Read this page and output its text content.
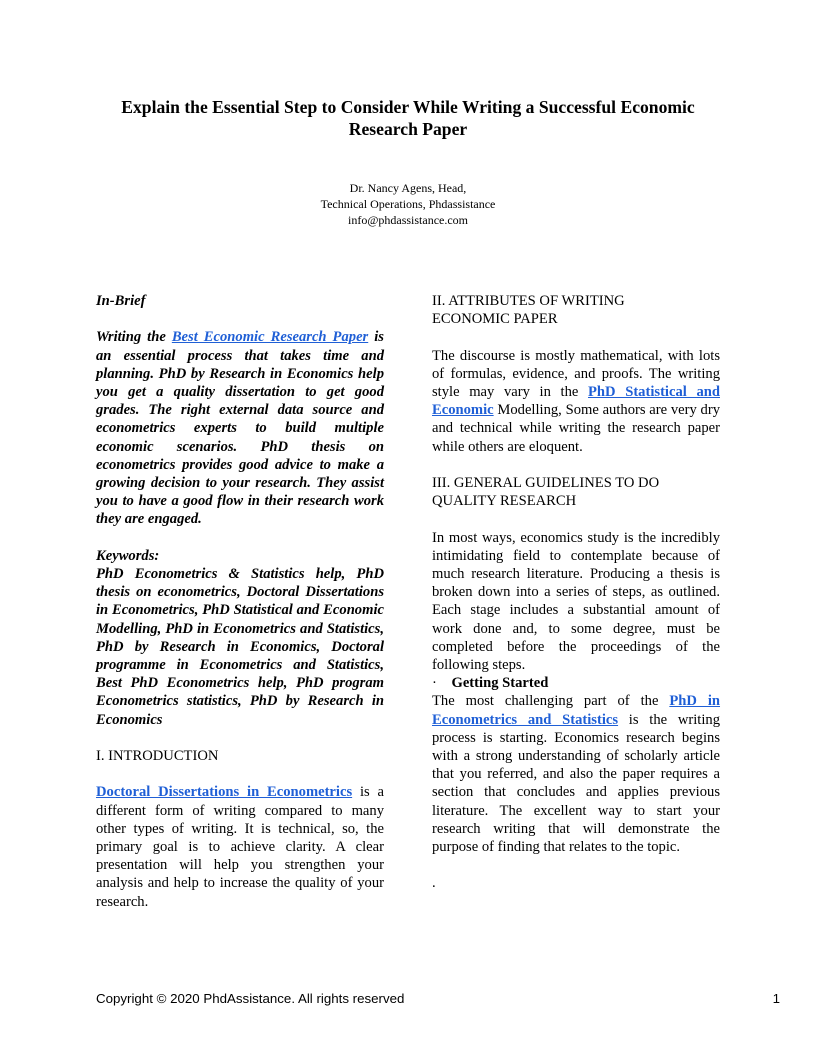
Explain the Essential Step to Consider While Writing a Successful Economic Research Paper
Dr. Nancy Agens, Head,
Technical Operations, Phdassistance
info@phdassistance.com

In-Brief

Writing the Best Economic Research Paper is an essential process that takes time and planning. PhD by Research in Economics help you get a quality dissertation to get good grades. The right external data source and econometrics experts to build multiple economic scenarios. PhD thesis on econometrics provides good advice to make a growing decision to your research. They assist you to have a good flow in their research work they are engaged.

Keywords:

PhD Econometrics & Statistics help, PhD thesis on econometrics, Doctoral Dissertations in Econometrics, PhD Statistical and Economic Modelling, PhD in Econometrics and Statistics, PhD by Research in Economics, Doctoral programme in Econometrics and Statistics, Best PhD Econometrics help, PhD program Econometrics statistics, PhD by Research in Economics

I. INTRODUCTION

Doctoral Dissertations in Econometrics is a different form of writing compared to many other types of writing. It is technical, so, the primary goal is to achieve clarity. A clear presentation will help you strengthen your analysis and help to increase the quality of your research.

II. ATTRIBUTES OF WRITING

ECONOMIC PAPER

The discourse is mostly mathematical, with lots of formulas, evidence, and proofs. The writing style may vary in the PhD Statistical and Economic Modelling, Some authors are very dry and technical while writing the research paper while others are eloquent.

III. GENERAL GUIDELINES TO DO

QUALITY RESEARCH

In most ways, economics study is the incredibly intimidating field to contemplate because of much research literature. Producing a thesis is broken down into a series of steps, as outlined. Each stage includes a substantial amount of work done and, to some degree, must be completed before the proceedings of the following steps.

· Getting Started

The most challenging part of the PhD in Econometrics and Statistics is the writing process is starting. Economics research begins with a strong understanding of scholarly article that you referred, and also the paper requires a section that concludes and applies previous literature. The excellent way to start your research writing that will demonstrate the purpose of finding that relates to the topic.

.

Copyright © 2020 PhdAssistance. All rights reserved	1
